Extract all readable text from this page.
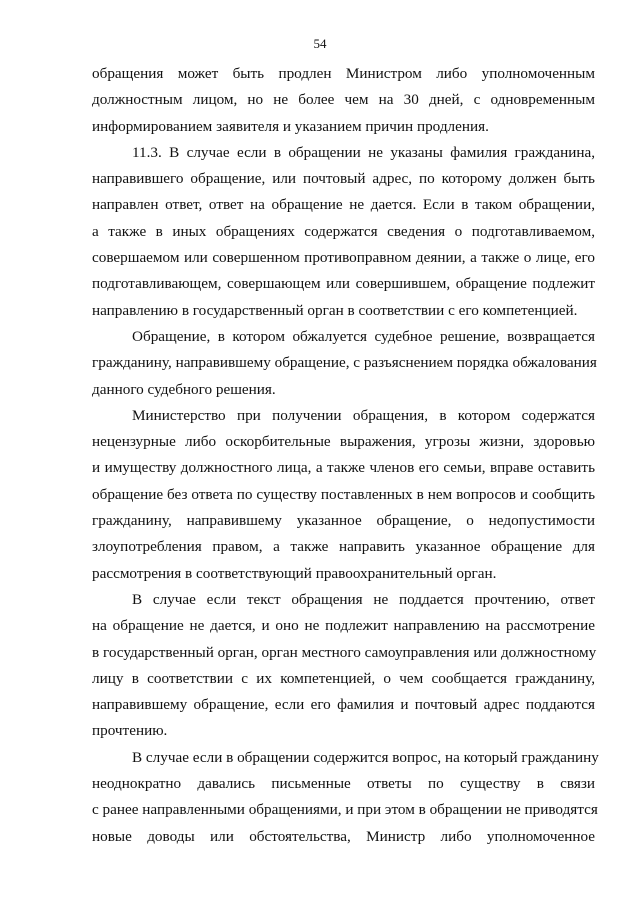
54
обращения может быть продлен Министром либо уполномоченным
должностным лицом, но не более чем на 30 дней, с одновременным
информированием заявителя и указанием причин продления.
11.3. В случае если в обращении не указаны фамилия гражданина,
направившего обращение, или почтовый адрес, по которому должен быть
направлен ответ, ответ на обращение не дается. Если в таком обращении,
а также в иных обращениях содержатся сведения о подготавливаемом,
совершаемом или совершенном противоправном деянии, а также о лице, его
подготавливающем, совершающем или совершившем, обращение подлежит
направлению в государственный орган в соответствии с его компетенцией.
Обращение, в котором обжалуется судебное решение, возвращается
гражданину, направившему обращение, с разъяснением порядка обжалования
данного судебного решения.
Министерство при получении обращения, в котором содержатся
нецензурные либо оскорбительные выражения, угрозы жизни, здоровью
и имуществу должностного лица, а также членов его семьи, вправе оставить
обращение без ответа по существу поставленных в нем вопросов и сообщить
гражданину, направившему указанное обращение, о недопустимости
злоупотребления правом, а также направить указанное обращение для
рассмотрения в соответствующий правоохранительный орган.
В случае если текст обращения не поддается прочтению, ответ
на обращение не дается, и оно не подлежит направлению на рассмотрение
в государственный орган, орган местного самоуправления или должностному
лицу в соответствии с их компетенцией, о чем сообщается гражданину,
направившему обращение, если его фамилия и почтовый адрес поддаются
прочтению.
В случае если в обращении содержится вопрос, на который гражданину
неоднократно давались письменные ответы по существу в связи
с ранее направленными обращениями, и при этом в обращении не приводятся
новые доводы или обстоятельства, Министр либо уполномоченное
